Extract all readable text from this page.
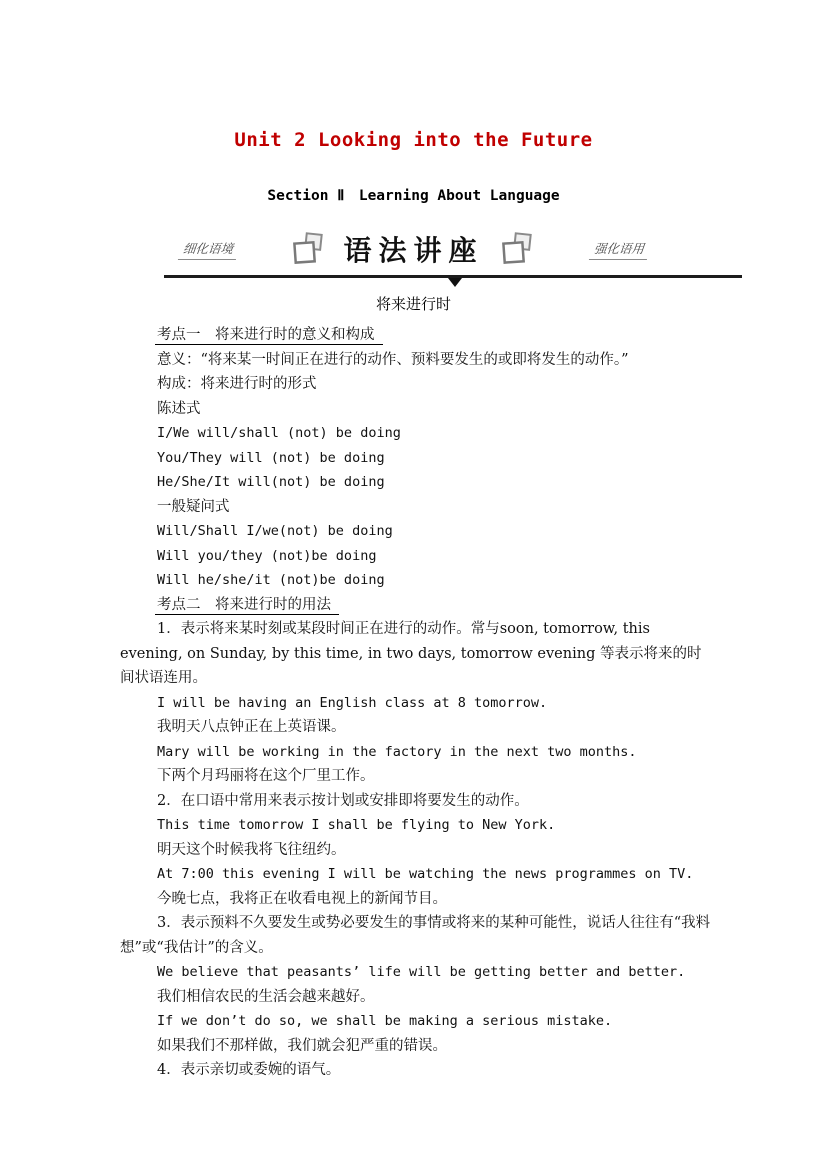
Unit 2 Looking into the Future
Section Ⅱ　Learning About Language
细化语境	语法讲座	强化语用
将来进行时

考点一　将来进行时的意义和构成

意义：“将来某一时间正在进行的动作、预料要发生的或即将发生的动作。”

构成：将来进行时的形式

陈述式

I/We will/shall (not) be doing

You/They will (not) be doing

He/She/It will(not) be doing

一般疑问式

Will/Shall I/we(not) be doing

Will you/they (not)be doing

Will he/she/it (not)be doing

考点二　将来进行时的用法

1．表示将来某时刻或某段时间正在进行的动作。常与soon, tomorrow, this evening, on Sunday, by this time, in two days, tomorrow evening 等表示将来的时间状语连用。

I will be having an English class at 8 tomorrow.

我明天八点钟正在上英语课。

Mary will be working in the factory in the next two months.

下两个月玛丽将在这个厂里工作。

2．在口语中常用来表示按计划或安排即将要发生的动作。

This time tomorrow I shall be flying to New York.

明天这个时候我将飞往纽约。

At 7:00 this evening I will be watching the news programmes on TV.

今晚七点，我将正在收看电视上的新闻节目。

3．表示预料不久要发生或势必要发生的事情或将来的某种可能性，说话人往往有“我料想”或“我估计”的含义。

We believe that peasants’ life will be getting better and better.

我们相信农民的生活会越来越好。

If we don’t do so, we shall be making a serious mistake.

如果我们不那样做，我们就会犯严重的错误。

4．表示亲切或委婉的语气。
